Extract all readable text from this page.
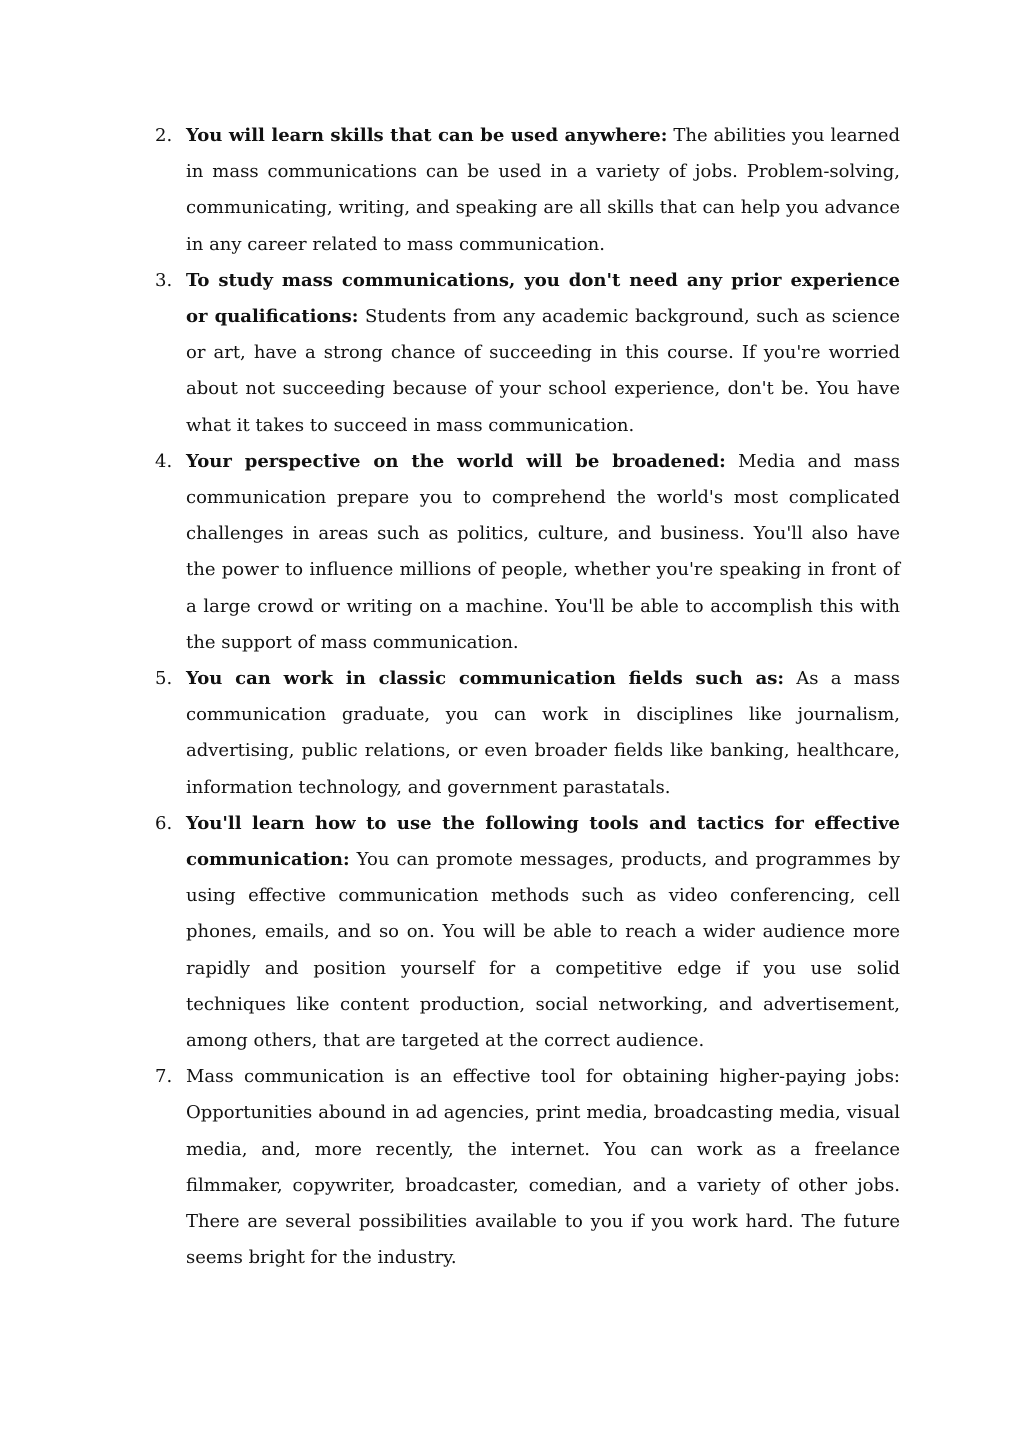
2. You will learn skills that can be used anywhere: The abilities you learned in mass communications can be used in a variety of jobs. Problem-solving, communicating, writing, and speaking are all skills that can help you advance in any career related to mass communication.
3. To study mass communications, you don't need any prior experience or qualifications: Students from any academic background, such as science or art, have a strong chance of succeeding in this course. If you're worried about not succeeding because of your school experience, don't be. You have what it takes to succeed in mass communication.
4. Your perspective on the world will be broadened: Media and mass communication prepare you to comprehend the world's most complicated challenges in areas such as politics, culture, and business. You'll also have the power to influence millions of people, whether you're speaking in front of a large crowd or writing on a machine. You'll be able to accomplish this with the support of mass communication.
5. You can work in classic communication fields such as: As a mass communication graduate, you can work in disciplines like journalism, advertising, public relations, or even broader fields like banking, healthcare, information technology, and government parastatals.
6. You'll learn how to use the following tools and tactics for effective communication: You can promote messages, products, and programmes by using effective communication methods such as video conferencing, cell phones, emails, and so on. You will be able to reach a wider audience more rapidly and position yourself for a competitive edge if you use solid techniques like content production, social networking, and advertisement, among others, that are targeted at the correct audience.
7. Mass communication is an effective tool for obtaining higher-paying jobs: Opportunities abound in ad agencies, print media, broadcasting media, visual media, and, more recently, the internet. You can work as a freelance filmmaker, copywriter, broadcaster, comedian, and a variety of other jobs. There are several possibilities available to you if you work hard. The future seems bright for the industry.
